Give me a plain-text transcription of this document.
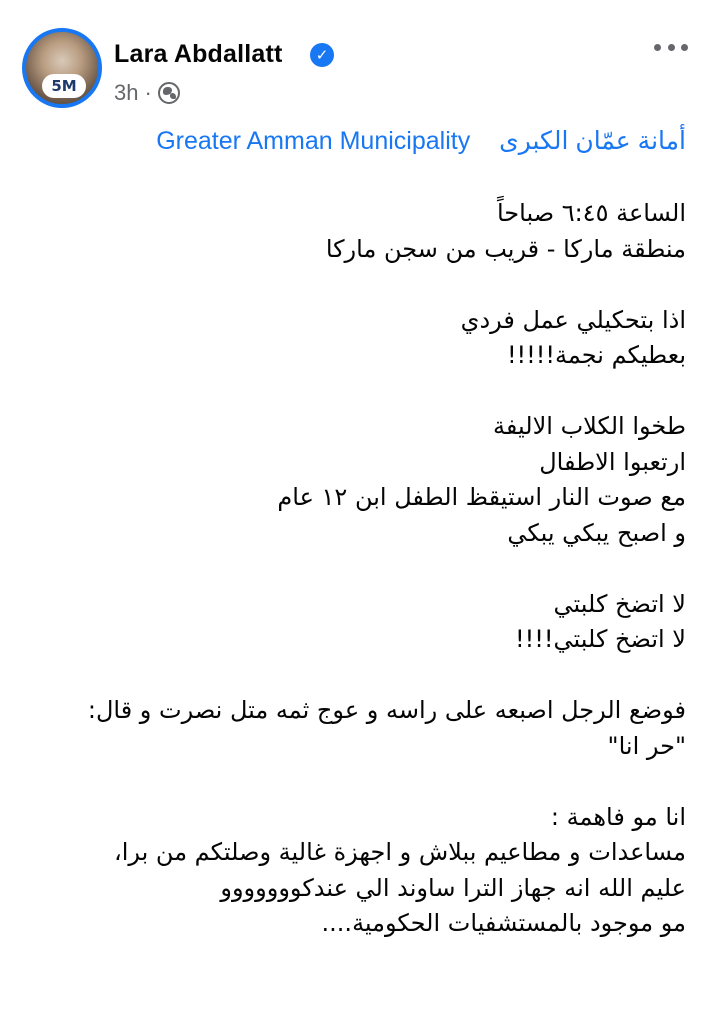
5M
Lara Abdallatt	✓
3h ·
أمانة عمّان الكبرى Greater Amman Municipality
الساعة ٦:٤٥ صباحاً
منطقة ماركا - قريب من سجن ماركا
اذا بتحكيلي عمل فردي
بعطيكم نجمة!!!!!
طخوا الكلاب الاليفة
ارتعبوا الاطفال
مع صوت النار استيقظ الطفل ابن ١٢ عام
و اصبح يبكي يبكي
لا اتضخ كلبتي
لا اتضخ كلبتي!!!!
فوضع الرجل اصبعه على راسه و عوج ثمه متل نصرت و قال:
"حر انا"
انا مو فاهمة :
مساعدات و مطاعيم ببلاش و اجهزة غالية وصلتكم من برا،
عليم الله انه جهاز الترا ساوند الي عندكووووووو
مو موجود بالمستشفيات الحكومية....
